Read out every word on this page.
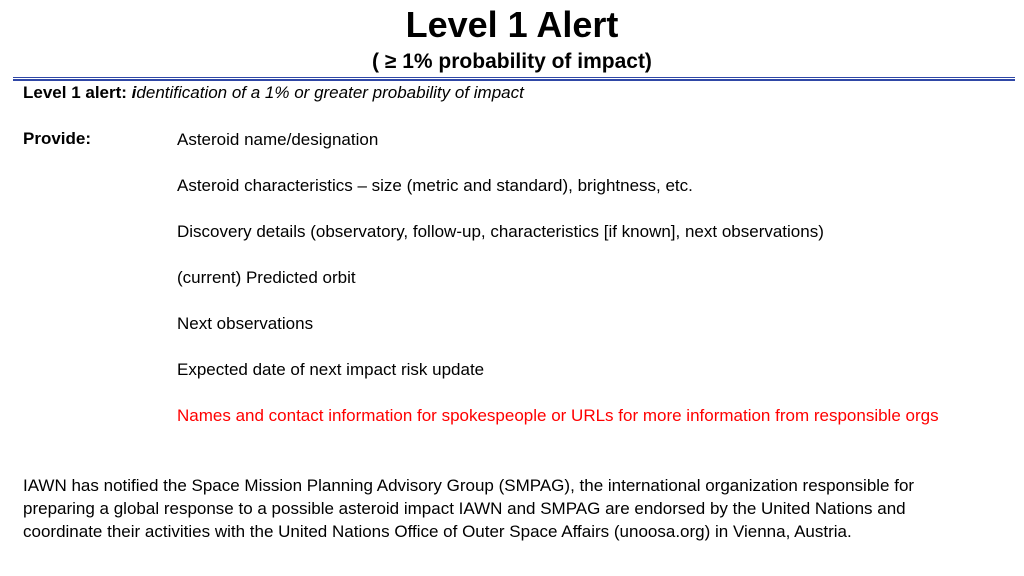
Level 1 Alert
( ≥ 1% probability of impact)
Level 1 alert: identification of a 1% or greater probability of impact
Provide:	Asteroid name/designation
Asteroid characteristics – size (metric and standard), brightness, etc.
Discovery details (observatory, follow-up, characteristics [if known], next observations)
(current) Predicted orbit
Next observations
Expected date of next impact risk update
Names and contact information for spokespeople or URLs for more information from responsible orgs
IAWN has notified the Space Mission Planning Advisory Group (SMPAG), the international organization responsible for preparing a global response to a possible asteroid impact IAWN and SMPAG are endorsed by the United Nations and coordinate their activities with the United Nations Office of Outer Space Affairs (unoosa.org) in Vienna, Austria.
